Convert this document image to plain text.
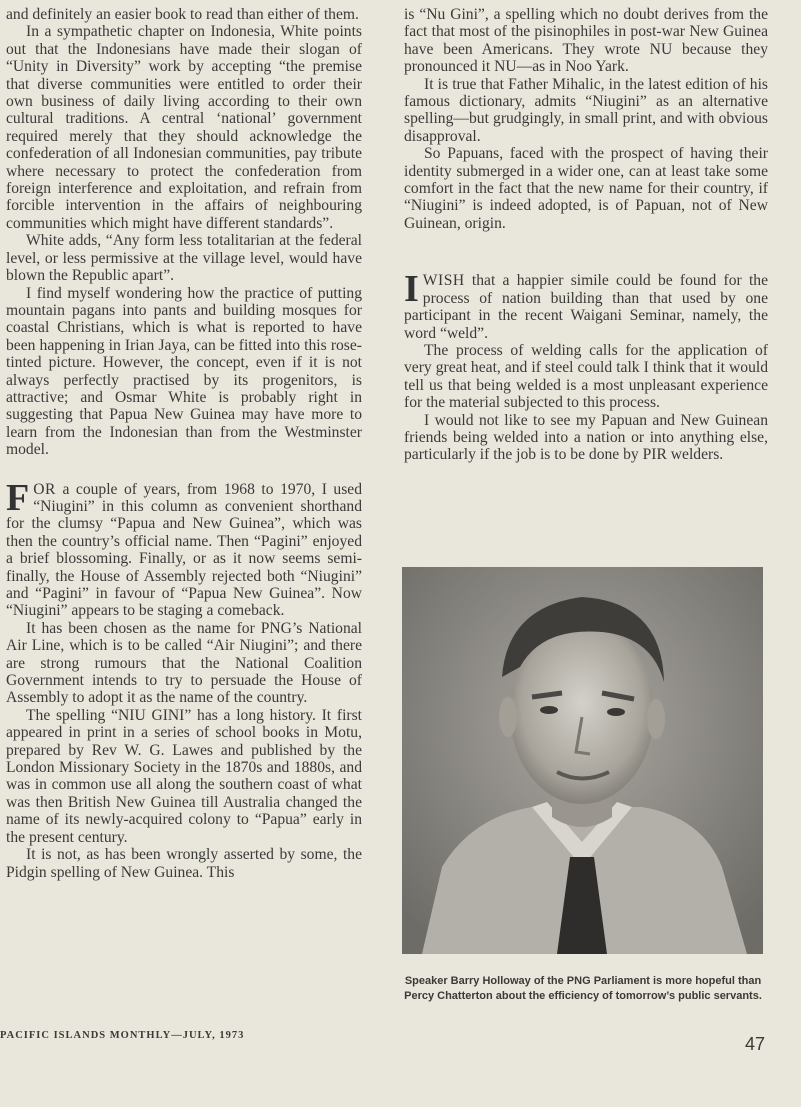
and definitely an easier book to read than either of them.

In a sympathetic chapter on Indonesia, White points out that the Indonesians have made their slogan of “Unity in Diversity” work by accepting “the premise that diverse communities were entitled to order their own business of daily living according to their own cultural traditions. A central ‘national’ government required merely that they should acknowledge the confederation of all Indonesian communities, pay tribute where necessary to protect the confederation from foreign interference and exploitation, and refrain from forcible intervention in the affairs of neighbouring communities which might have different standards”.

White adds, “Any form less totalitarian at the federal level, or less permissive at the village level, would have blown the Republic apart”.

I find myself wondering how the practice of putting mountain pagans into pants and building mosques for coastal Christians, which is what is reported to have been happening in Irian Jaya, can be fitted into this rose-tinted picture. However, the concept, even if it is not always perfectly practised by its progenitors, is attractive; and Osmar White is probably right in suggesting that Papua New Guinea may have more to learn from the Indonesian than from the Westminster model.

FOR a couple of years, from 1968 to 1970, I used “Niugini” in this column as convenient shorthand for the clumsy “Papua and New Guinea”, which was then the country’s official name. Then “Pagini” enjoyed a brief blossoming. Finally, or as it now seems semi-finally, the House of Assembly rejected both “Niugini” and “Pagini” in favour of “Papua New Guinea”. Now “Niugini” appears to be staging a comeback.

It has been chosen as the name for PNG’s National Air Line, which is to be called “Air Niugini”; and there are strong rumours that the National Coalition Government intends to try to persuade the House of Assembly to adopt it as the name of the country.

The spelling “NIU GINI” has a long history. It first appeared in print in a series of school books in Motu, prepared by Rev W. G. Lawes and published by the London Missionary Society in the 1870s and 1880s, and was in common use all along the southern coast of what was then British New Guinea till Australia changed the name of its newly-acquired colony to “Papua” early in the present century.

It is not, as has been wrongly asserted by some, the Pidgin spelling of New Guinea. This

is “Nu Gini”, a spelling which no doubt derives from the fact that most of the pisinophiles in post-war New Guinea have been Americans. They wrote NU because they pronounced it NU—as in Noo Yark.

It is true that Father Mihalic, in the latest edition of his famous dictionary, admits “Niugini” as an alternative spelling—but grudgingly, in small print, and with obvious disapproval.

So Papuans, faced with the prospect of having their identity submerged in a wider one, can at least take some comfort in the fact that the new name for their country, if “Niugini” is indeed adopted, is of Papuan, not of New Guinean, origin.

IWISH that a happier simile could be found for the process of nation building than that used by one participant in the recent Waigani Seminar, namely, the word “weld”.

The process of welding calls for the application of very great heat, and if steel could talk I think that it would tell us that being welded is a most unpleasant experience for the material subjected to this process.

I would not like to see my Papuan and New Guinean friends being welded into a nation or into anything else, particularly if the job is to be done by PIR welders.

Speaker Barry Holloway of the PNG Parliament is more hopeful than Percy Chatterton about the efficiency of tomorrow’s public servants.
PACIFIC ISLANDS MONTHLY—JULY, 1973	47
